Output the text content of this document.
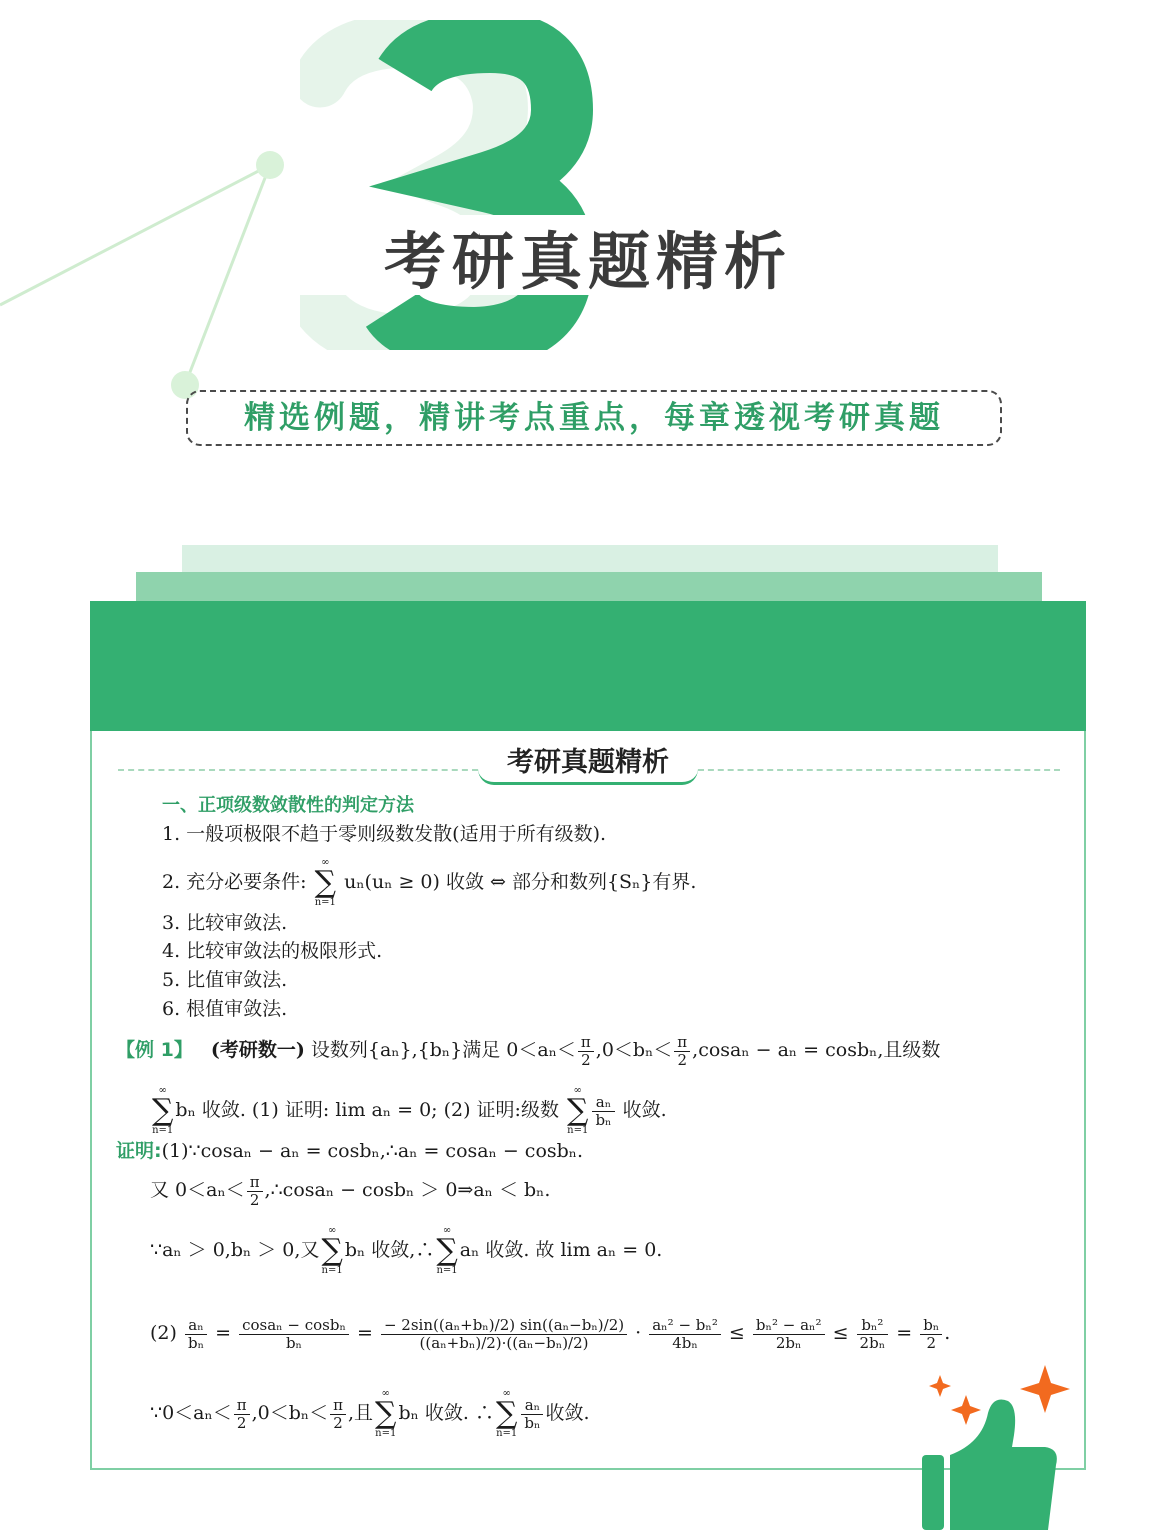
考研真题精析
精选例题，精讲考点重点，每章透视考研真题
考研真题精析
一、正项级数敛散性的判定方法
1. 一般项极限不趋于零则级数发散(适用于所有级数).
2. 充分必要条件:
∞
∑
n=1
uₙ(uₙ ≥ 0) 收敛 ⇔ 部分和数列{Sₙ}有界.
3. 比较审敛法.
4. 比较审敛法的极限形式.
5. 比值审敛法.
6. 根值审敛法.
【例 1】 (考研数一) 设数列{aₙ},{bₙ}满足 $0<a_n< \frac{\pi}{2} ,0<b_n< \frac{\pi}{2} ,\cos a_n - a_n = \cos b_n$,且级数
∞
∑
n=1
bₙ 收敛. (1) 证明: lim aₙ = 0; (2) 证明:级数
∞
∑
n=1
$\frac{\text{aₙ}}{\text{bₙ}}$ 收敛.
证明:(1)∵cosaₙ − aₙ = cosbₙ,∴aₙ = cosaₙ − cosbₙ.
又 $0<a_n< \frac{\pi}{2}$ ,∴cosaₙ − cosbₙ ＞ 0⇒aₙ ＜ bₙ.
∵aₙ ＞ 0,bₙ ＞ 0,又
∞
∑
n=1
bₙ 收敛,∴
∞
∑
n=1
aₙ 收敛. 故 lim aₙ = 0.
$(2) \frac{\text{aₙ}}{\text{bₙ}} = \frac{\text{cosaₙ − cosbₙ}}{\text{bₙ}} = \frac{\text{− 2sin((aₙ+bₙ)/2) sin((aₙ−bₙ)/2)}}{\text{((aₙ+bₙ)/2)·((aₙ−bₙ)/2)}} \cdot \frac{\text{aₙ² − bₙ²}}{\text{4bₙ}} \le \frac{\text{bₙ² − aₙ²}}{\text{2bₙ}} \le \frac{\text{bₙ²}}{\text{2bₙ}} = \frac{\text{bₙ}}{2}$ .
∵0＜aₙ＜ $\frac{\pi}{2} ,0<b_n< \frac{\pi}{2}$ ,且
∞
∑
n=1
bₙ 收敛. ∴
∞
∑
n=1
$\frac{\text{aₙ}}{\text{bₙ}}$ 收敛.
